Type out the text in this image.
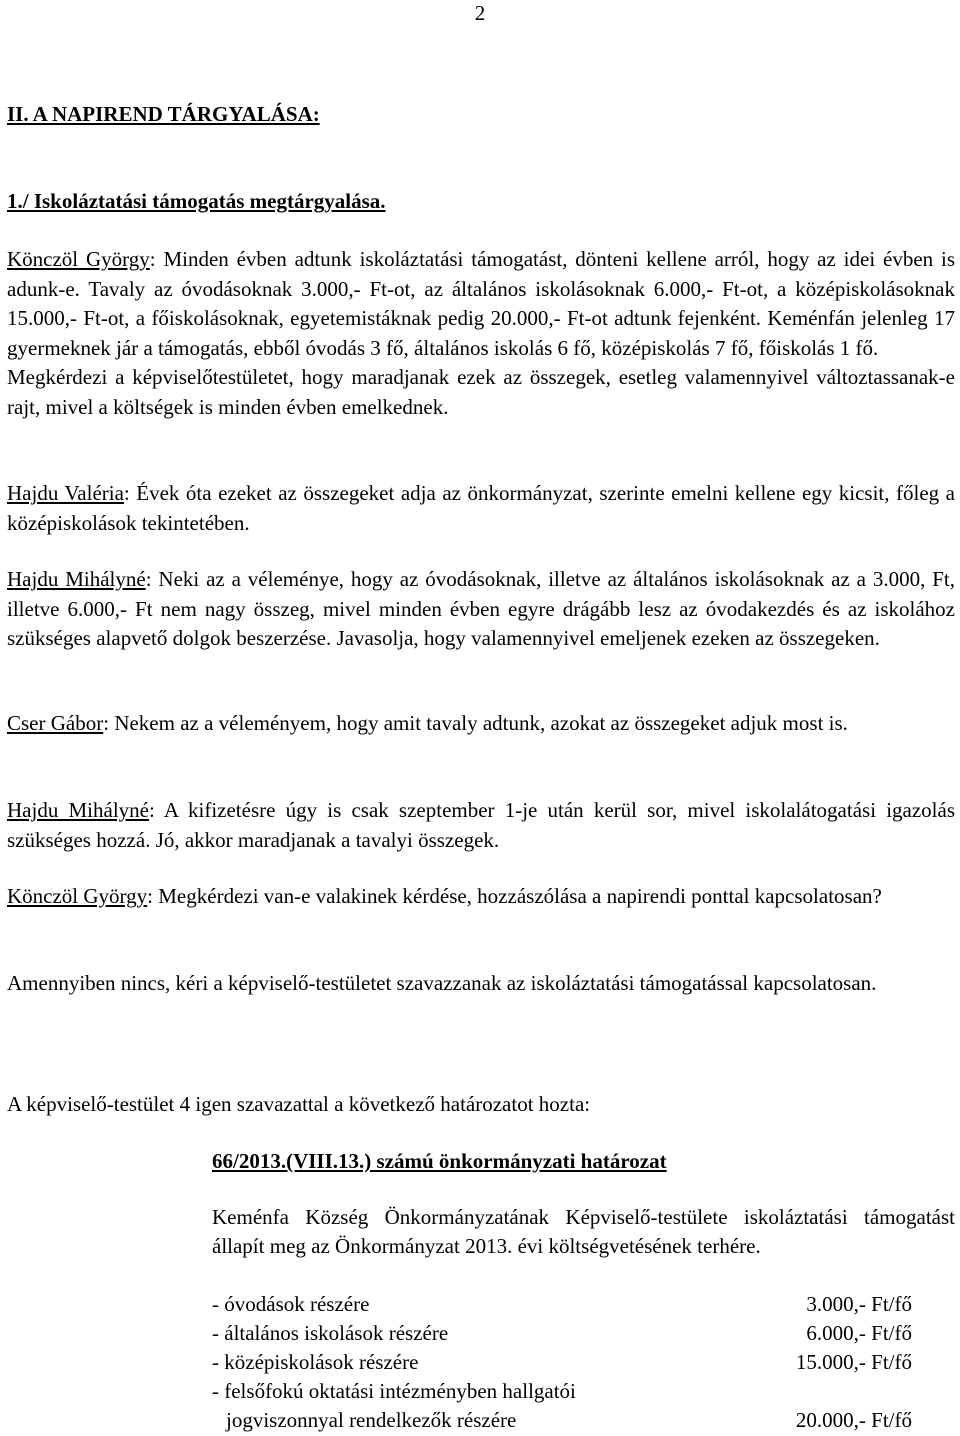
2
II. A NAPIREND TÁRGYALÁSA:
1./ Iskoláztatási támogatás megtárgyalása.

Könczöl György: Minden évben adtunk iskoláztatási támogatást, dönteni kellene arról, hogy az idei évben is adunk-e. Tavaly az óvodásoknak 3.000,- Ft-ot, az általános iskolásoknak 6.000,- Ft-ot, a középiskolásoknak 15.000,- Ft-ot, a főiskolásoknak, egyetemistáknak pedig 20.000,- Ft-ot adtunk fejenként. Keménfán jelenleg 17 gyermeknek jár a támogatás, ebből óvodás 3 fő, általános iskolás 6 fő, középiskolás 7 fő, főiskolás 1 fő.
Megkérdezi a képviselőtestületet, hogy maradjanak ezek az összegek, esetleg valamennyivel változtassanak-e rajt, mivel a költségek is minden évben emelkednek.

Hajdu Valéria: Évek óta ezeket az összegeket adja az önkormányzat, szerinte emelni kellene egy kicsit, főleg a középiskolások tekintetében.

Hajdu Mihályné: Neki az a véleménye, hogy az óvodásoknak, illetve az általános iskolásoknak az a 3.000, Ft, illetve 6.000,- Ft nem nagy összeg, mivel minden évben egyre drágább lesz az óvodakezdés és az iskolához szükséges alapvető dolgok beszerzése. Javasolja, hogy valamennyivel emeljenek ezeken az összegeken.

Cser Gábor: Nekem az a véleményem, hogy amit tavaly adtunk, azokat az összegeket adjuk most is.

Hajdu Mihályné: A kifizetésre úgy is csak szeptember 1-je után kerül sor, mivel iskolalátogatási igazolás szükséges hozzá. Jó, akkor maradjanak a tavalyi összegek.

Könczöl György: Megkérdezi van-e valakinek kérdése, hozzászólása a napirendi ponttal kapcsolatosan?

Amennyiben nincs, kéri a képviselő-testületet szavazzanak az iskoláztatási támogatással kapcsolatosan.

A képviselő-testület 4 igen szavazattal a következő határozatot hozta:

66/2013.(VIII.13.) számú önkormányzati határozat

Keménfa Község Önkormányzatának Képviselő-testülete iskoláztatási támogatást állapít meg az Önkormányzat 2013. évi költségvetésének terhére.

- óvodások részére	3.000,- Ft/fő
- általános iskolások részére	6.000,- Ft/fő
- középiskolások részére	15.000,- Ft/fő
- felsőfokú oktatási intézményben hallgatói
jogviszonnyal rendelkezők részére	20.000,- Ft/fő
